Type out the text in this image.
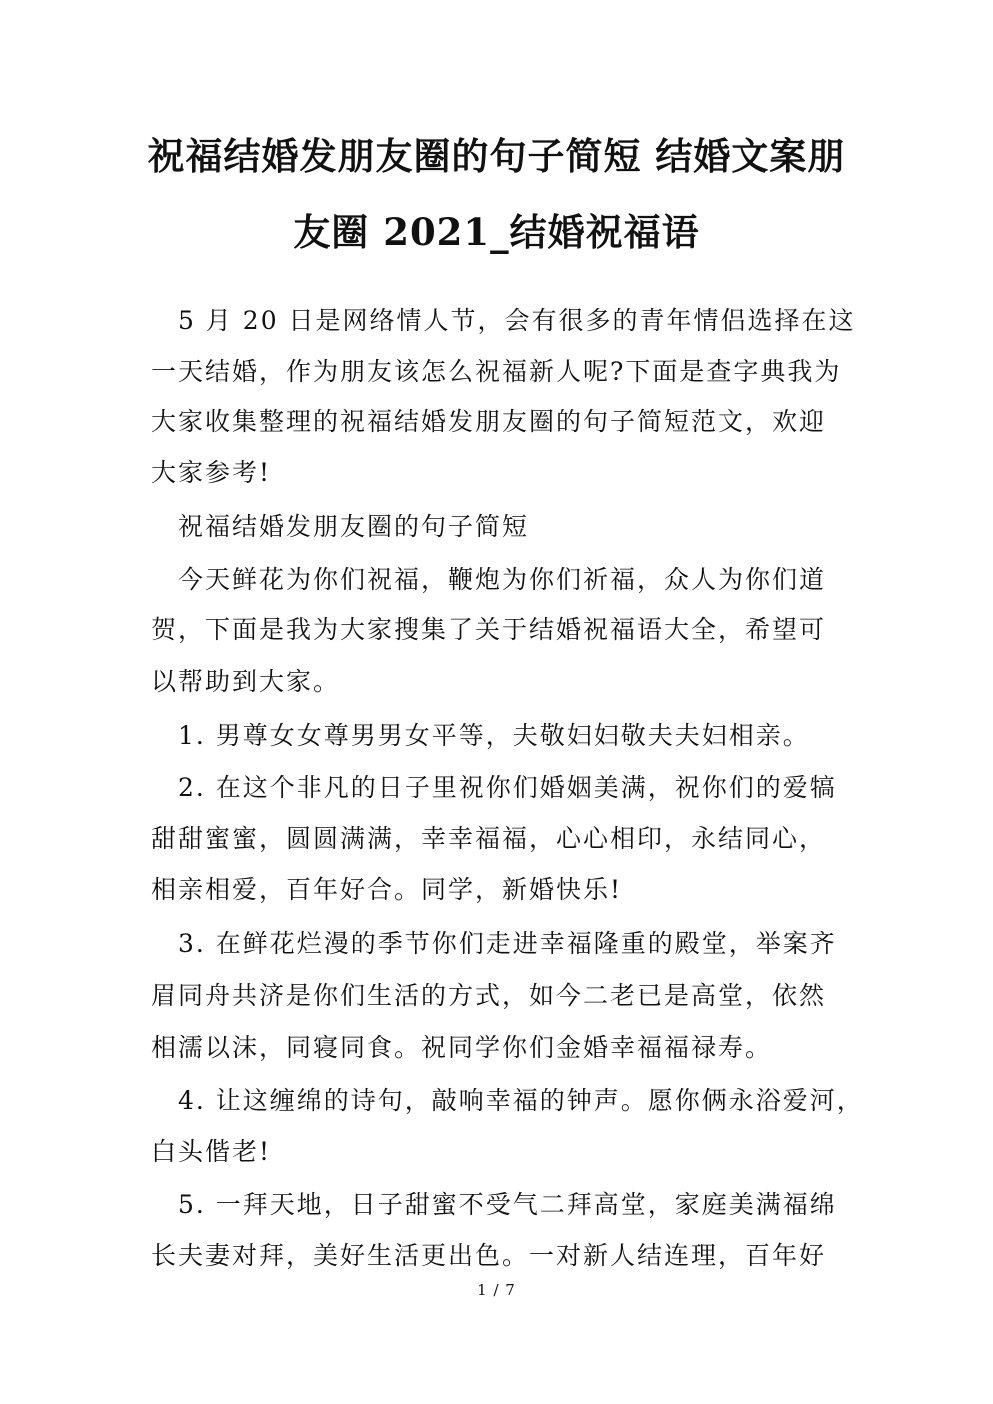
祝福结婚发朋友圈的句子简短 结婚文案朋
友圈 2021_结婚祝福语
5 月 20 日是网络情人节，会有很多的青年情侣选择在这
一天结婚，作为朋友该怎么祝福新人呢?下面是查字典我为
大家收集整理的祝福结婚发朋友圈的句子简短范文，欢迎
大家参考!
祝福结婚发朋友圈的句子简短
今天鲜花为你们祝福，鞭炮为你们祈福，众人为你们道
贺，下面是我为大家搜集了关于结婚祝福语大全，希望可
以帮助到大家。
1. 男尊女女尊男男女平等，夫敬妇妇敬夫夫妇相亲。
2. 在这个非凡的日子里祝你们婚姻美满，祝你们的爱犒
甜甜蜜蜜，圆圆满满，幸幸福福，心心相印，永结同心，
相亲相爱，百年好合。同学，新婚快乐!
3. 在鲜花烂漫的季节你们走进幸福隆重的殿堂，举案齐
眉同舟共济是你们生活的方式，如今二老已是高堂，依然
相濡以沫，同寝同食。祝同学你们金婚幸福福禄寿。
4. 让这缠绵的诗句，敲响幸福的钟声。愿你俩永浴爱河，
白头偕老!
5. 一拜天地，日子甜蜜不受气二拜高堂，家庭美满福绵
长夫妻对拜，美好生活更出色。一对新人结连理，百年好
1 / 7
